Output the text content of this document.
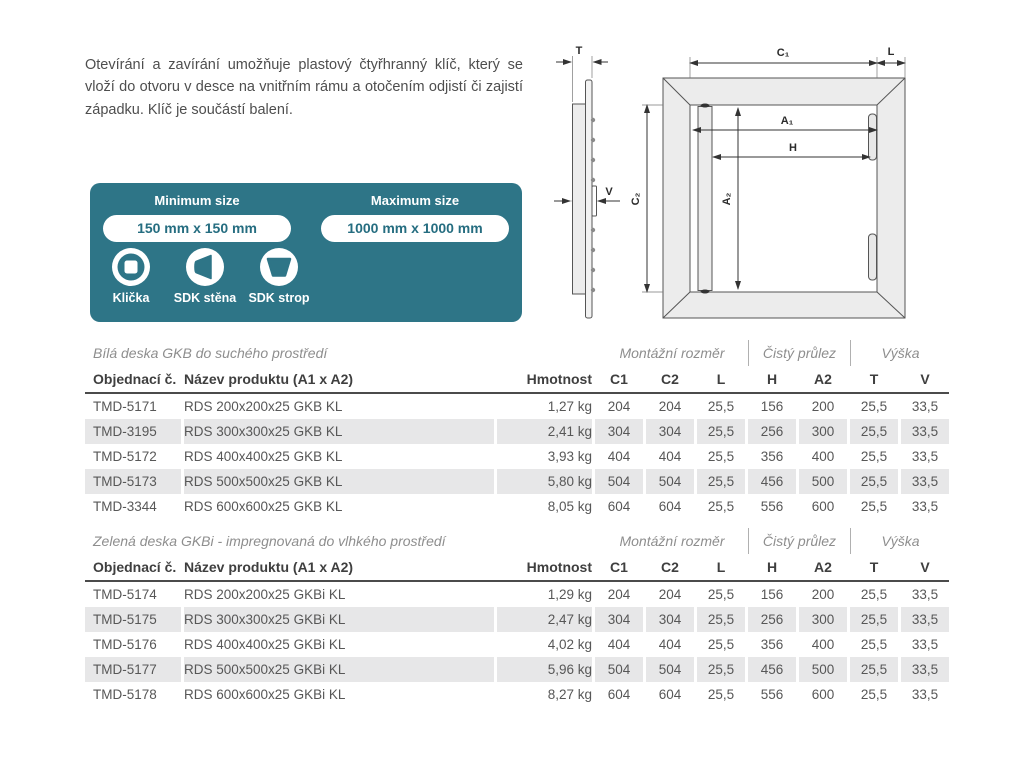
Otevírání a zavírání umožňuje plastový čtyřhranný klíč, který se vloží do otvoru v desce na vnitřním rámu a otočením odjistí či zajistí západku. Klíč je součástí balení.

Minimum size
150 mm x 150 mm
Maximum size
1000 mm x 1000 mm
Klička	SDK stěna SDK strop
T
V
C₁	L
C₂
A₁
H
A₂
Bílá deska GKB do suchého prostředí	Montážní rozměr	Čistý průlez	Výška
Objednací č. Název produktu (A1 x A2)	Hmotnost	C1	C2	L	H	A2	T	V
TMD-5171	RDS 200x200x25 GKB KL	1,27 kg	204	204	25,5	156	200	25,5	33,5
TMD-3195	RDS 300x300x25 GKB KL	2,41 kg	304	304	25,5	256	300	25,5	33,5
TMD-5172	RDS 400x400x25 GKB KL	3,93 kg	404	404	25,5	356	400	25,5	33,5
TMD-5173	RDS 500x500x25 GKB KL	5,80 kg	504	504	25,5	456	500	25,5	33,5
TMD-3344	RDS 600x600x25 GKB KL	8,05 kg	604	604	25,5	556	600	25,5	33,5
Zelená deska GKBi - impregnovaná do vlhkého prostředí	Montážní rozměr	Čistý průlez	Výška
Objednací č. Název produktu (A1 x A2)	Hmotnost	C1	C2	L	H	A2	T	V
TMD-5174	RDS 200x200x25 GKBi KL	1,29 kg	204	204	25,5	156	200	25,5	33,5
TMD-5175	RDS 300x300x25 GKBi KL	2,47 kg	304	304	25,5	256	300	25,5	33,5
TMD-5176	RDS 400x400x25 GKBi KL	4,02 kg	404	404	25,5	356	400	25,5	33,5
TMD-5177	RDS 500x500x25 GKBi KL	5,96 kg	504	504	25,5	456	500	25,5	33,5
TMD-5178	RDS 600x600x25 GKBi KL	8,27 kg	604	604	25,5	556	600	25,5	33,5
